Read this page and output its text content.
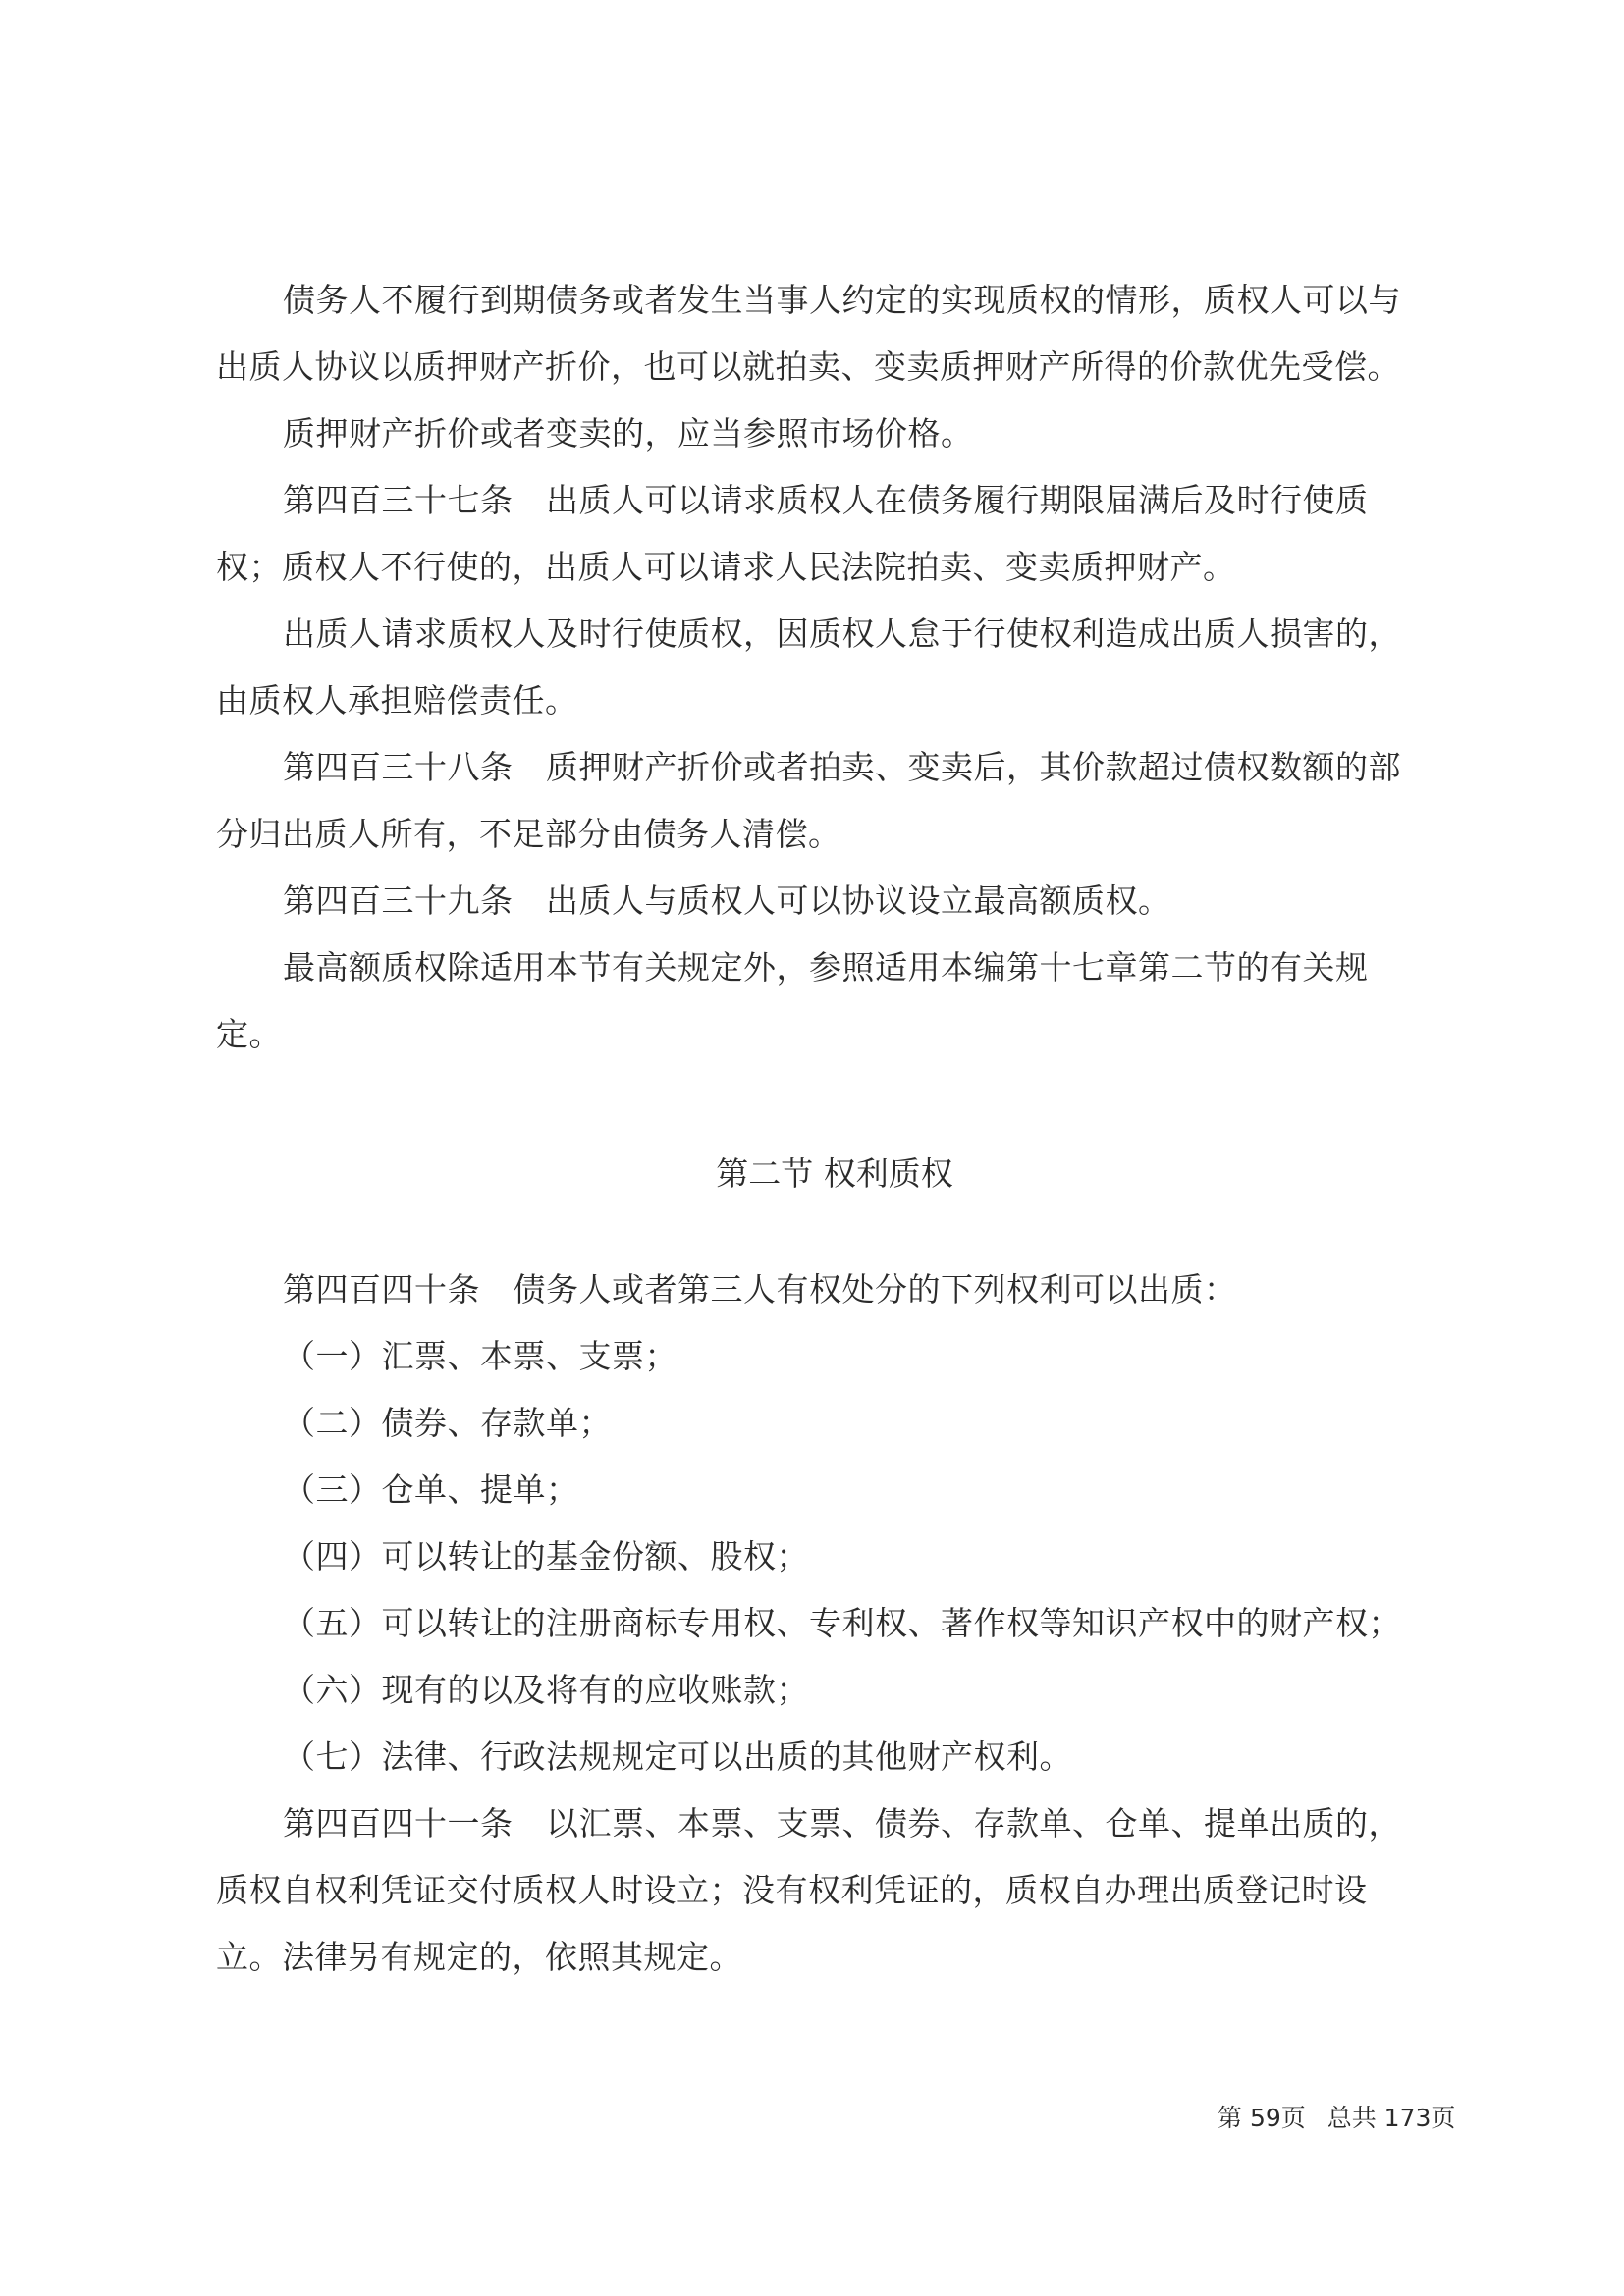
债务人不履行到期债务或者发生当事人约定的实现质权的情形，质权人可以与出质人协议以质押财产折价，也可以就拍卖、变卖质押财产所得的价款优先受偿。

质押财产折价或者变卖的，应当参照市场价格。

第四百三十七条　出质人可以请求质权人在债务履行期限届满后及时行使质权；质权人不行使的，出质人可以请求人民法院拍卖、变卖质押财产。

出质人请求质权人及时行使质权，因质权人怠于行使权利造成出质人损害的，由质权人承担赔偿责任。

第四百三十八条　质押财产折价或者拍卖、变卖后，其价款超过债权数额的部分归出质人所有，不足部分由债务人清偿。

第四百三十九条　出质人与质权人可以协议设立最高额质权。

最高额质权除适用本节有关规定外，参照适用本编第十七章第二节的有关规定。

第二节 权利质权

第四百四十条　债务人或者第三人有权处分的下列权利可以出质：

（一）汇票、本票、支票；

（二）债券、存款单；

（三）仓单、提单；

（四）可以转让的基金份额、股权；

（五）可以转让的注册商标专用权、专利权、著作权等知识产权中的财产权；

（六）现有的以及将有的应收账款；

（七）法律、行政法规规定可以出质的其他财产权利。

第四百四十一条　以汇票、本票、支票、债券、存款单、仓单、提单出质的，质权自权利凭证交付质权人时设立；没有权利凭证的，质权自办理出质登记时设立。法律另有规定的，依照其规定。

第 59页 总共 173页
